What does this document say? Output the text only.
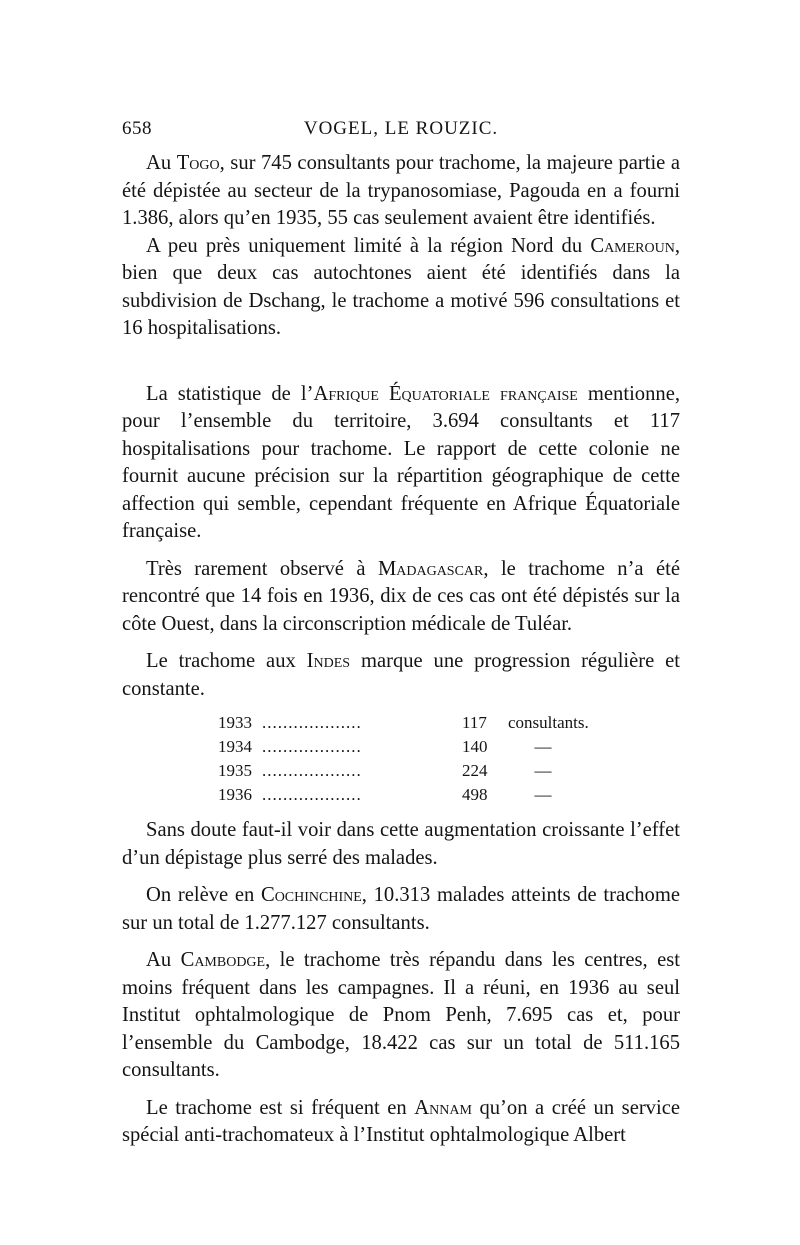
658	VOGEL, LE ROUZIC.

Au Togo, sur 745 consultants pour trachome, la majeure partie a été dépistée au secteur de la trypanosomiase, Pagouda en a fourni 1.386, alors qu’en 1935, 55 cas seulement avaient être identifiés.

A peu près uniquement limité à la région Nord du Cameroun, bien que deux cas autochtones aient été identifiés dans la subdivision de Dschang, le trachome a motivé 596 consultations et 16 hospitalisations.

La statistique de l’Afrique Équatoriale française mentionne, pour l’ensemble du territoire, 3.694 consultants et 117 hospitalisations pour trachome. Le rapport de cette colonie ne fournit aucune précision sur la répartition géographique de cette affection qui semble, cependant fréquente en Afrique Équatoriale française.

Très rarement observé à Madagascar, le trachome n’a été rencontré que 14 fois en 1936, dix de ces cas ont été dépistés sur la côte Ouest, dans la circonscription médicale de Tuléar.

Le trachome aux Indes marque une progression régulière et constante.

1933 ...................	117	consultants.
1934 ...................	140	—
1935 ...................	224	—
1936 ...................	498	—

Sans doute faut-il voir dans cette augmentation croissante l’effet d’un dépistage plus serré des malades.

On relève en Cochinchine, 10.313 malades atteints de trachome sur un total de 1.277.127 consultants.

Au Cambodge, le trachome très répandu dans les centres, est moins fréquent dans les campagnes. Il a réuni, en 1936 au seul Institut ophtalmologique de Pnom Penh, 7.695 cas et, pour l’ensemble du Cambodge, 18.422 cas sur un total de 511.165 consultants.

Le trachome est si fréquent en Annam qu’on a créé un service spécial anti-trachomateux à l’Institut ophtalmologique Albert
